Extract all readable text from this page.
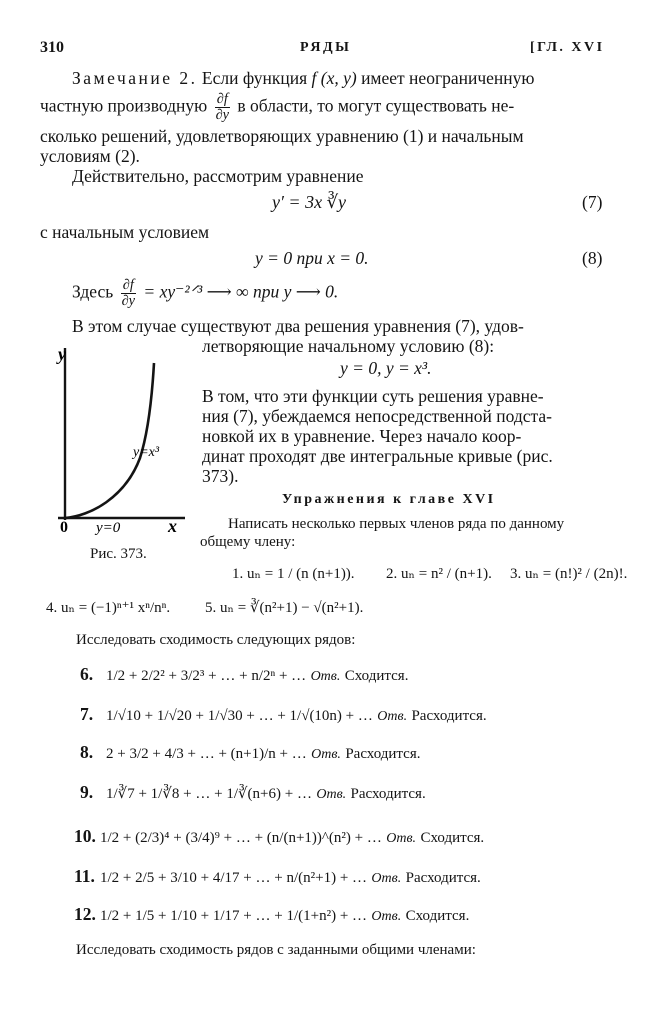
310	РЯДЫ	[ГЛ. XVI
Замечание 2. Если функция f (x, y) имеет неограниченную
частную производную $\frac{\partial f}{\partial y}$ в области, то могут существовать не-
сколько решений, удовлетворяющих уравнению (1) и начальным
условиям (2).
Действительно, рассмотрим уравнение
y′ = 3x ∛y	(7)
с начальным условием
y = 0 при x = 0.	(8)
Здесь $\frac{\partial f}{\partial y}$ = xy⁻²ᐟ³ ⟶ ∞ при y ⟶ 0.
В этом случае существуют два решения уравнения (7), удов-
летворяющие начальному условию (8):
y = 0, y = x³.
В том, что эти функции суть решения уравне-
ния (7), убеждаемся непосредственной подста-
новкой их в уравнение. Через начало коор-
динат проходят две интегральные кривые (рис.
373).
y
x
0
y=x³
y=0
Рис. 373.
Упражнения к главе XVI
Написать несколько первых членов ряда по данному
общему члену:
1. uₙ = 1 / (n (n+1)). 2. uₙ = n² / (n+1). 3. uₙ = (n!)² / (2n)!.
4. uₙ = (−1)ⁿ⁺¹ xⁿ/nⁿ. 5. uₙ = ∛(n²+1) − √(n²+1).
Исследовать сходимость следующих рядов:
6. 1/2 + 2/2² + 3/2³ + … + n/2ⁿ + … Отв. Сходится.
7. 1/√10 + 1/√20 + 1/√30 + … + 1/√(10n) + … Отв. Расходится.
8. 2 + 3/2 + 4/3 + … + (n+1)/n + … Отв. Расходится.
9. 1/∛7 + 1/∛8 + … + 1/∛(n+6) + … Отв. Расходится.
10. 1/2 + (2/3)⁴ + (3/4)⁹ + … + (n/(n+1))^(n²) + … Отв. Сходится.
11. 1/2 + 2/5 + 3/10 + 4/17 + … + n/(n²+1) + … Отв. Расходится.
12. 1/2 + 1/5 + 1/10 + 1/17 + … + 1/(1+n²) + … Отв. Сходится.
Исследовать сходимость рядов с заданными общими членами:
